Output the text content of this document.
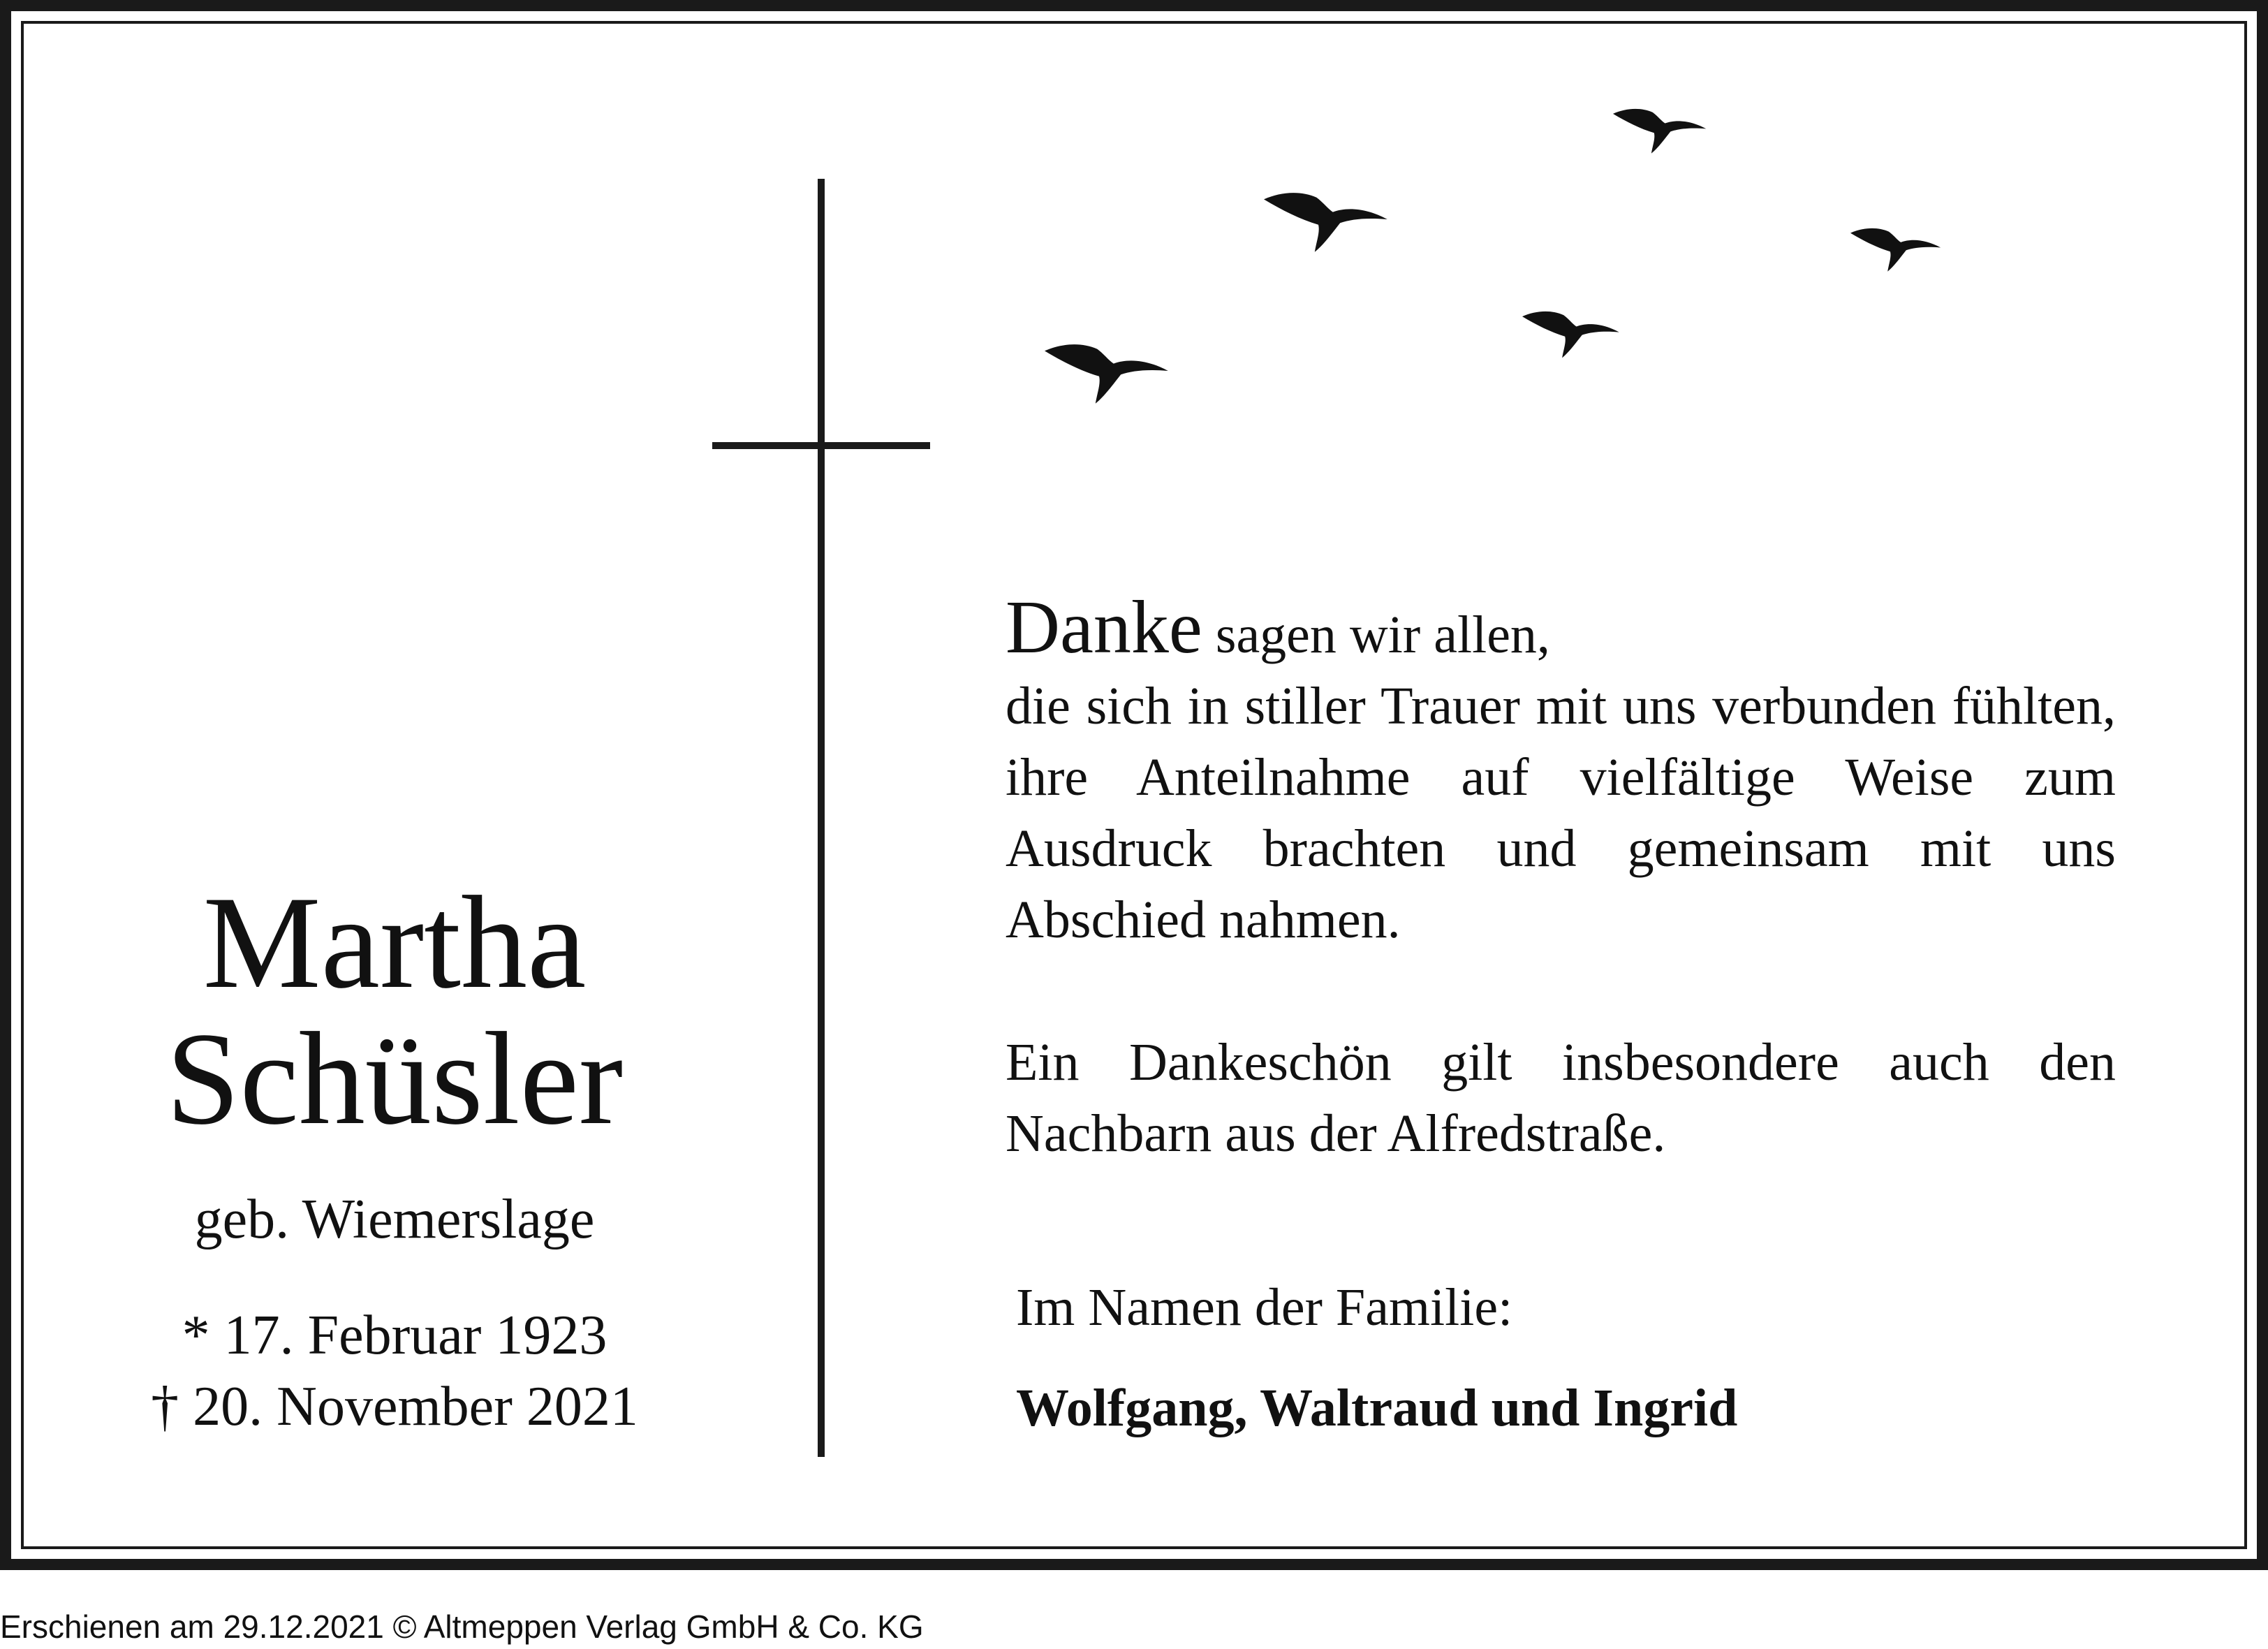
Martha
Schüsler
geb. Wiemerslage
* 17. Februar 1923
† 20. November 2021

Danke sagen wir allen,

die sich in stiller Trauer mit uns verbunden fühlten, ihre Anteilnahme auf vielfältige Weise zum Ausdruck brachten und gemeinsam mit uns Abschied nahmen.

Ein Dankeschön gilt insbesondere auch den Nachbarn aus der Alfredstraße.

Im Namen der Familie:
Wolfgang, Waltraud und Ingrid
Erschienen am 29.12.2021 © Altmeppen Verlag GmbH & Co. KG
